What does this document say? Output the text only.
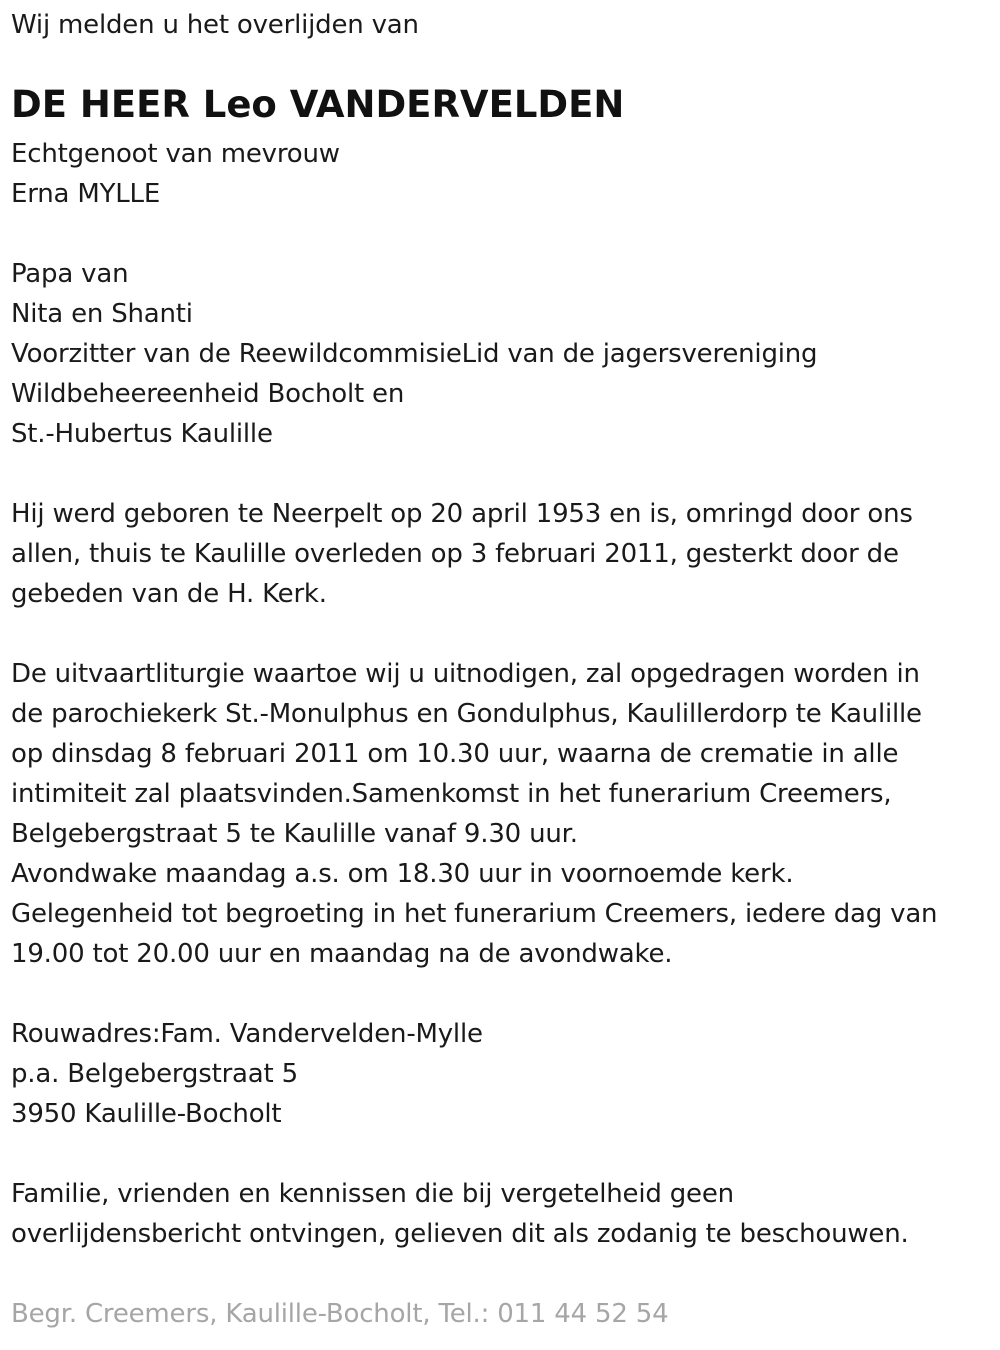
Wij melden u het overlijden van
DE HEER Leo VANDERVELDEN
Echtgenoot van mevrouw
Erna MYLLE
Papa van
Nita en Shanti
Voorzitter van de ReewildcommisieLid van de jagersvereniging
Wildbeheereenheid Bocholt en
St.-Hubertus Kaulille
Hij werd geboren te Neerpelt op 20 april 1953 en is, omringd door ons
allen, thuis te Kaulille overleden op 3 februari 2011, gesterkt door de
gebeden van de H. Kerk.
De uitvaartliturgie waartoe wij u uitnodigen, zal opgedragen worden in
de parochiekerk St.-Monulphus en Gondulphus, Kaulillerdorp te Kaulille
op dinsdag 8 februari 2011 om 10.30 uur, waarna de crematie in alle
intimiteit zal plaatsvinden.Samenkomst in het funerarium Creemers,
Belgebergstraat 5 te Kaulille vanaf 9.30 uur.
Avondwake maandag a.s. om 18.30 uur in voornoemde kerk.
Gelegenheid tot begroeting in het funerarium Creemers, iedere dag van
19.00 tot 20.00 uur en maandag na de avondwake.
Rouwadres:Fam. Vandervelden-Mylle
p.a. Belgebergstraat 5
3950 Kaulille-Bocholt
Familie, vrienden en kennissen die bij vergetelheid geen
overlijdensbericht ontvingen, gelieven dit als zodanig te beschouwen.
Begr. Creemers, Kaulille-Bocholt, Tel.: 011 44 52 54
